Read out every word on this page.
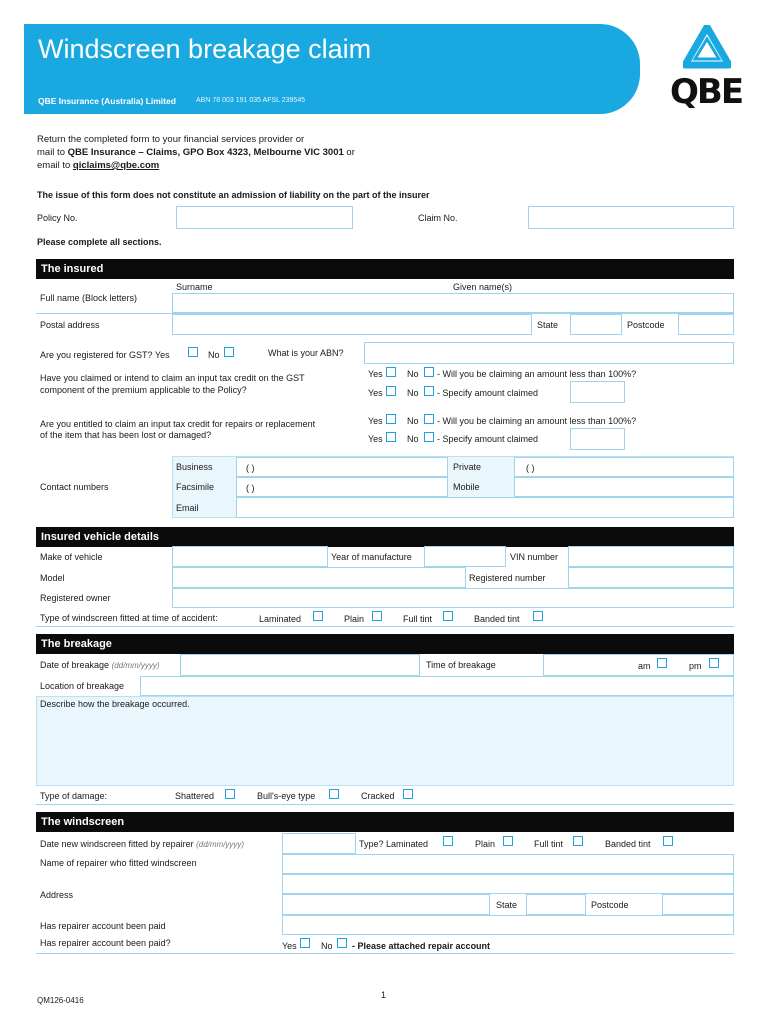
Windscreen breakage claim
QBE Insurance (Australia) Limited	ABN 78 003 191 035 AFSL 239545	QBE
Return the completed form to your financial services provider or
mail to QBE Insurance – Claims, GPO Box 4323, Melbourne VIC 3001 or
email to qiclaims@qbe.com
The issue of this form does not constitute an admission of liability on the part of the insurer
Policy No.	Claim No.
Please complete all sections.
The insured
Surname	Given name(s)
Full name (Block letters)
Postal address	State	Postcode
Are you registered for GST? Yes	No	What is your ABN?
Have you claimed or intend to claim an input tax credit on the GST
component of the premium applicable to the Policy?
Yes	No - Will you be claiming an amount less than 100%?
Yes	No - Specify amount claimed
Are you entitled to claim an input tax credit for repairs or replacement
of the item that has been lost or damaged?
Yes	No - Will you be claiming an amount less than 100%?
Yes	No - Specify amount claimed
Contact numbers
Business	( )	Private	( )
Facsimile	( )	Mobile
Email
Insured vehicle details
Make of vehicle	Year of manufacture	VIN number
Model	Registered number
Registered owner
Type of windscreen fitted at time of accident:	Laminated	Plain	Full tint	Banded tint
The breakage
Date of breakage (dd/mm/yyyy)	Time of breakage	am	pm
Location of breakage
Describe how the breakage occurred.
Type of damage:	Shattered	Bull's-eye type	Cracked
The windscreen
Date new windscreen fitted by repairer (dd/mm/yyyy)	Type? Laminated	Plain	Full tint	Banded tint
Name of repairer who fitted windscreen
Address
State	Postcode
Has repairer account been paid
Has repairer account been paid?	Yes	No - Please attached repair account
1
QM126-0416
